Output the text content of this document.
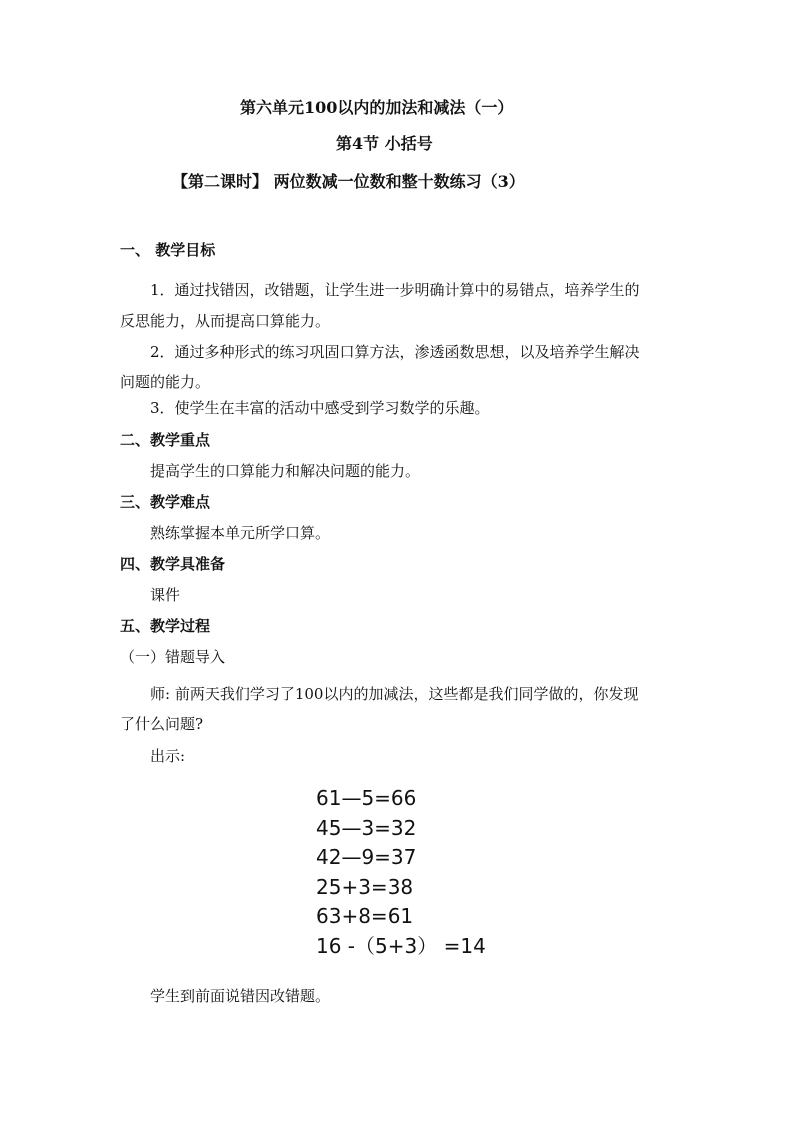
第六单元100以内的加法和减法（一）
第4节 小括号
【第二课时】 两位数减一位数和整十数练习（3）
一、 教学目标
1．通过找错因，改错题，让学生进一步明确计算中的易错点，培养学生的
反思能力，从而提高口算能力。
2．通过多种形式的练习巩固口算方法，渗透函数思想，以及培养学生解决
问题的能力。
3．使学生在丰富的活动中感受到学习数学的乐趣。
二、教学重点
提高学生的口算能力和解决问题的能力。
三、教学难点
熟练掌握本单元所学口算。
四、教学具准备
课件
五、教学过程
（一）错题导入
师: 前两天我们学习了100以内的加减法，这些都是我们同学做的，你发现
了什么问题?
出示:
61—5=66
45—3=32
42—9=37
25+3=38
63+8=61
16 -（5+3） =14
学生到前面说错因改错题。
